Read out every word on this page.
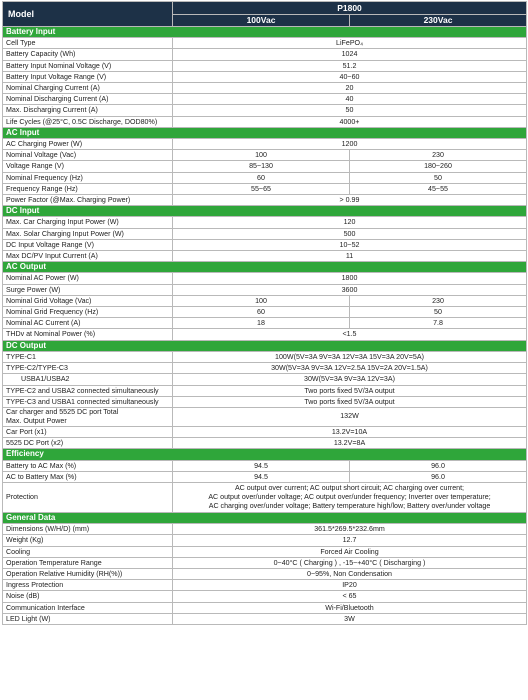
Model	P1800	
	100Vac	230Vac
Battery Input		
Cell Type	LiFePO₄	
Battery Capacity (Wh)	1024	
Battery Input Nominal Voltage (V)	51.2	
Battery Input Voltage Range (V)	40~60	
Nominal Charging Current (A)	20	
Nominal Discharging Current (A)	40	
Max. Discharging Current (A)	50	
Life Cycles (@25°C, 0.5C Discharge, DOD80%)	4000+	
AC Input		
AC Charging Power (W)	1200	
Nominal Voltage (Vac)	100	230
Voltage Range (V)	85~130	180~260
Nominal Frequency (Hz)	60	50
Frequency Range (Hz)	55~65	45~55
Power Factor (@Max. Charging Power)	> 0.99	
DC Input		
Max. Car Charging Input Power (W)	120	
Max. Solar Charging Input Power (W)	500	
DC Input Voltage Range (V)	10~52	
Max DC/PV Input Current (A)	11	
AC Output		
Nominal AC Power (W)	1800	
Surge Power (W)	3600	
Nominal Grid Voltage (Vac)	100	230
Nominal Grid Frequency (Hz)	60	50
Nominal AC Current (A)	18	7.8
THDv at Nominal Power (%)	<1.5	
DC Output		
TYPE-C1	100W(5V=3A 9V=3A 12V=3A 15V=3A 20V=5A)	
TYPE-C2/TYPE-C3	30W(5V=3A 9V=3A 12V=2.5A 15V=2A 20V=1.5A)	
USBA1/USBA2	30W(5V=3A 9V=3A 12V=3A)	
TYPE-C2 and USBA2 connected simultaneously	Two ports fixed 5V/3A output	
TYPE-C3 and USBA1 connected simultaneously	Two ports fixed 5V/3A output	
Car charger and 5525 DC port Total
Max. Output Power	132W	
Car Port (x1)	13.2V=10A	
5525 DC Port (x2)	13.2V=8A	
Efficiency		
Battery to AC Max (%)	94.5	96.0
AC to Battery Max (%)	94.5	96.0
Protection	AC output over current; AC output short circuit; AC charging over current;
AC output over/under voltage; AC output over/under frequency; Inverter over temperature;
AC charging over/under voltage; Battery temperature high/low; Battery over/under voltage	

General Data		
Dimensions (W/H/D) (mm)	361.5*269.5*232.6mm	
Weight (Kg)	12.7	
Cooling	Forced Air Cooling	
Operation Temperature Range	0~40°C ( Charging ) , -15~+40°C ( Discharging )	
Operation Relative Humidity (RH(%))	0~95%, Non Condensation	
Ingress Protection	IP20	
Noise (dB)	< 65	
Communication Interface	Wi-Fi/Bluetooth	
LED Light (W)	3W	
